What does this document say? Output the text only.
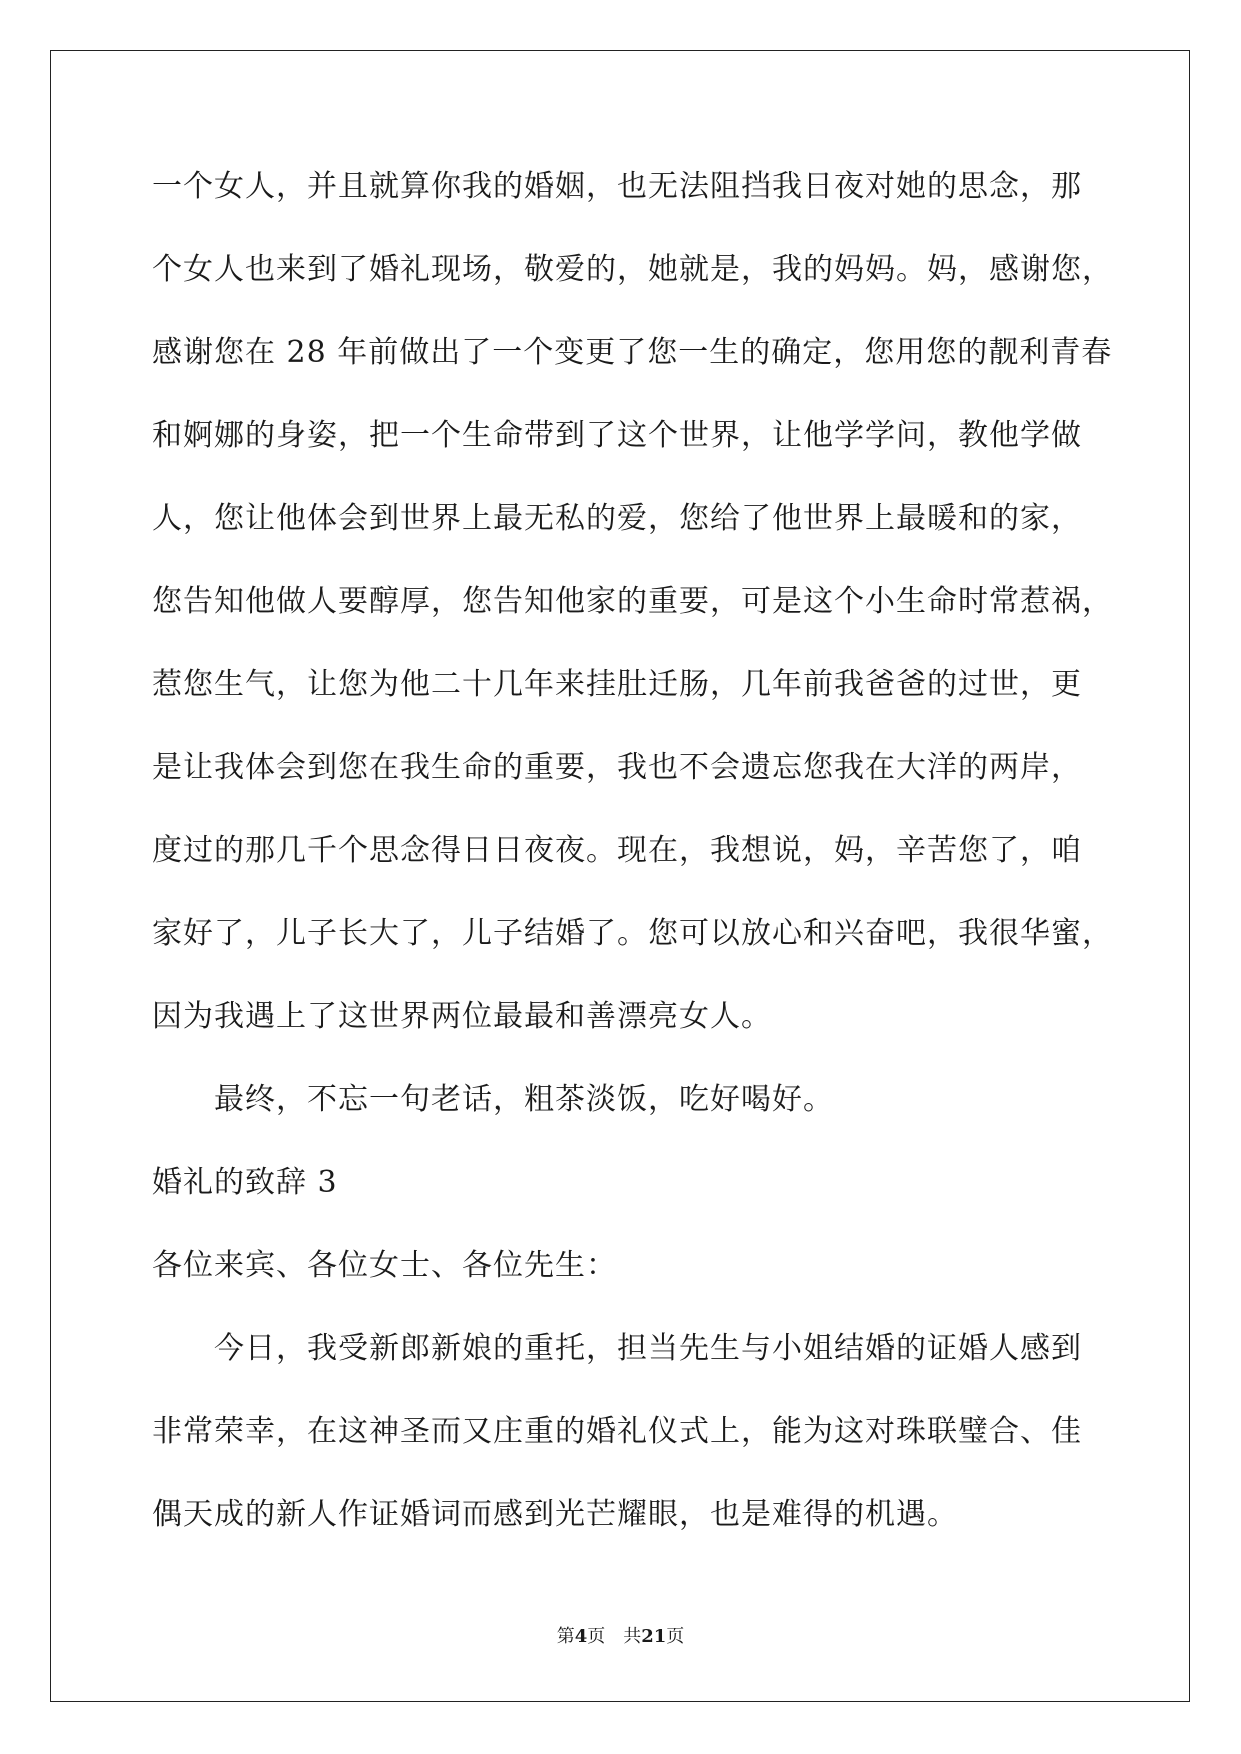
一个女人，并且就算你我的婚姻，也无法阻挡我日夜对她的思念，那
个女人也来到了婚礼现场，敬爱的，她就是，我的妈妈。妈，感谢您，
感谢您在 28 年前做出了一个变更了您一生的确定，您用您的靓利青春
和婀娜的身姿，把一个生命带到了这个世界，让他学学问，教他学做
人，您让他体会到世界上最无私的爱，您给了他世界上最暖和的家，
您告知他做人要醇厚，您告知他家的重要，可是这个小生命时常惹祸，
惹您生气，让您为他二十几年来挂肚迁肠，几年前我爸爸的过世，更
是让我体会到您在我生命的重要，我也不会遗忘您我在大洋的两岸，
度过的那几千个思念得日日夜夜。现在，我想说，妈，辛苦您了，咱
家好了，儿子长大了，儿子结婚了。您可以放心和兴奋吧，我很华蜜，
因为我遇上了这世界两位最最和善漂亮女人。
最终，不忘一句老话，粗茶淡饭，吃好喝好。
婚礼的致辞 3
各位来宾、各位女士、各位先生：
今日，我受新郎新娘的重托，担当先生与小姐结婚的证婚人感到
非常荣幸，在这神圣而又庄重的婚礼仪式上，能为这对珠联璧合、佳
偶天成的新人作证婚词而感到光芒耀眼，也是难得的机遇。
第4页 共21页
